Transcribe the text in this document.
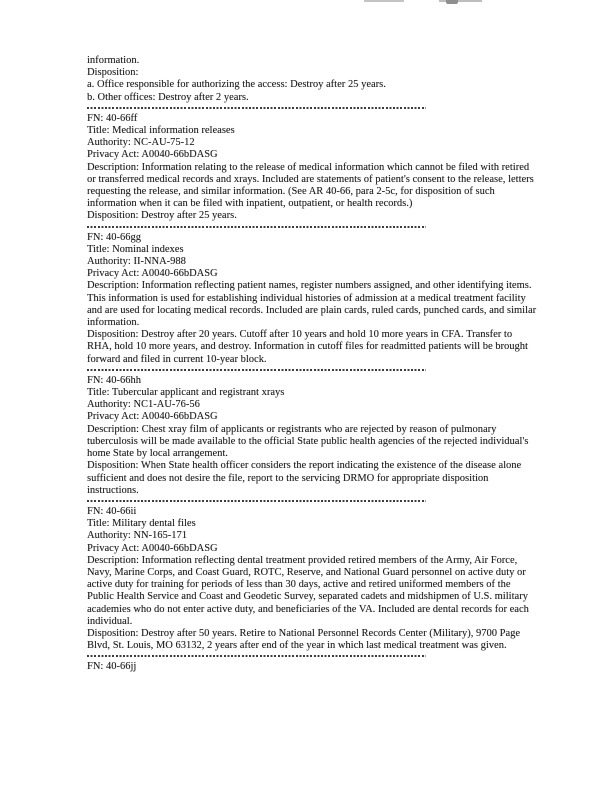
information.
Disposition:
a. Office responsible for authorizing the access: Destroy after 25 years.
b. Other offices: Destroy after 2 years.
FN: 40-66ff
Title: Medical information releases
Authority: NC-AU-75-12
Privacy Act: A0040-66bDASG
Description: Information relating to the release of medical information which cannot be filed with retired or transferred medical records and xrays. Included are statements of patient's consent to the release, letters requesting the release, and similar information. (See AR 40-66, para 2-5c, for disposition of such information when it can be filed with inpatient, outpatient, or health records.)
Disposition: Destroy after 25 years.
FN: 40-66gg
Title: Nominal indexes
Authority: II-NNA-988
Privacy Act: A0040-66bDASG
Description: Information reflecting patient names, register numbers assigned, and other identifying items. This information is used for establishing individual histories of admission at a medical treatment facility and are used for locating medical records. Included are plain cards, ruled cards, punched cards, and similar information.
Disposition: Destroy after 20 years. Cutoff after 10 years and hold 10 more years in CFA. Transfer to RHA, hold 10 more years, and destroy. Information in cutoff files for readmitted patients will be brought forward and filed in current 10-year block.
FN: 40-66hh
Title: Tubercular applicant and registrant xrays
Authority: NC1-AU-76-56
Privacy Act: A0040-66bDASG
Description: Chest xray film of applicants or registrants who are rejected by reason of pulmonary tuberculosis will be made available to the official State public health agencies of the rejected individual's home State by local arrangement.
Disposition: When State health officer considers the report indicating the existence of the disease alone sufficient and does not desire the file, report to the servicing DRMO for appropriate disposition instructions.
FN: 40-66ii
Title: Military dental files
Authority: NN-165-171
Privacy Act: A0040-66bDASG
Description: Information reflecting dental treatment provided retired members of the Army, Air Force, Navy, Marine Corps, and Coast Guard, ROTC, Reserve, and National Guard personnel on active duty or active duty for training for periods of less than 30 days, active and retired uniformed members of the Public Health Service and Coast and Geodetic Survey, separated cadets and midshipmen of U.S. military academies who do not enter active duty, and beneficiaries of the VA. Included are dental records for each individual.
Disposition: Destroy after 50 years. Retire to National Personnel Records Center (Military), 9700 Page Blvd, St. Louis, MO 63132, 2 years after end of the year in which last medical treatment was given.
FN: 40-66jj
